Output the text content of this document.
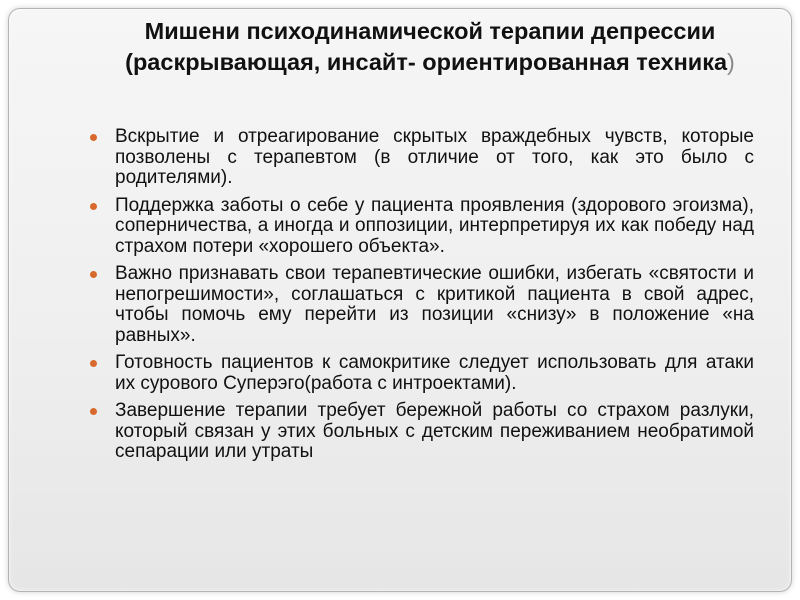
Мишени психодинамической терапии депрессии (раскрывающая, инсайт- ориентированная техника)
Вскрытие и отреагирование скрытых враждебных чувств, которые позволены с терапевтом (в отличие от того, как это было с родителями).
Поддержка заботы о себе у пациента проявления (здорового эгоизма), соперничества, а иногда и оппозиции, интерпретируя их как победу над страхом потери «хорошего объекта».
Важно признавать свои терапевтические ошибки, избегать «святости и непогрешимости», соглашаться с критикой пациента в свой адрес, чтобы помочь ему перейти из позиции «снизу» в положение «на равных».
Готовность пациентов к самокритике следует использовать для атаки их сурового Суперэго(работа с интроектами).
Завершение терапии требует бережной работы со страхом разлуки, который связан у этих больных с детским переживанием необратимой сепарации или утраты
